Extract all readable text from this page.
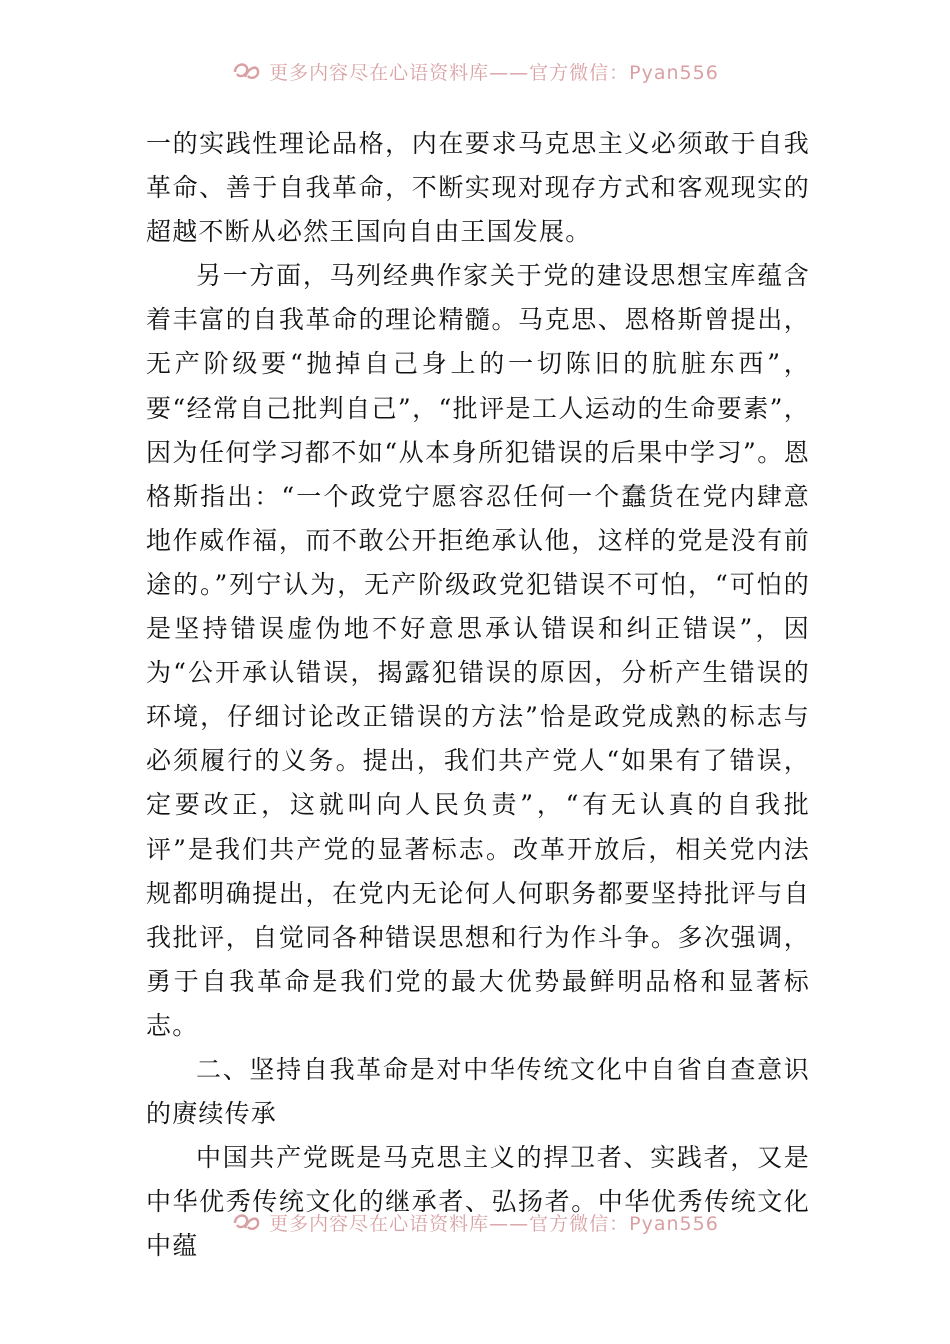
更多内容尽在心语资料库——官方微信：Pyan556

一的实践性理论品格，内在要求马克思主义必须敢于自我革命、善于自我革命，不断实现对现存方式和客观现实的超越不断从必然王国向自由王国发展。

另一方面，马列经典作家关于党的建设思想宝库蕴含着丰富的自我革命的理论精髓。马克思、恩格斯曾提出，无产阶级要“抛掉自己身上的一切陈旧的肮脏东西”，要“经常自己批判自己”，“批评是工人运动的生命要素”，因为任何学习都不如“从本身所犯错误的后果中学习”。恩格斯指出：“一个政党宁愿容忍任何一个蠢货在党内肆意地作威作福，而不敢公开拒绝承认他，这样的党是没有前途的。”列宁认为，无产阶级政党犯错误不可怕，“可怕的是坚持错误虚伪地不好意思承认错误和纠正错误”，因为“公开承认错误，揭露犯错误的原因，分析产生错误的环境，仔细讨论改正错误的方法”恰是政党成熟的标志与必须履行的义务。提出，我们共产党人“如果有了错误，定要改正，这就叫向人民负责”，“有无认真的自我批评”是我们共产党的显著标志。改革开放后，相关党内法规都明确提出，在党内无论何人何职务都要坚持批评与自我批评，自觉同各种错误思想和行为作斗争。多次强调，勇于自我革命是我们党的最大优势最鲜明品格和显著标志。

二、坚持自我革命是对中华传统文化中自省自查意识的赓续传承

中国共产党既是马克思主义的捍卫者、实践者，又是中华优秀传统文化的继承者、弘扬者。中华优秀传统文化中蕴

更多内容尽在心语资料库——官方微信：Pyan556
